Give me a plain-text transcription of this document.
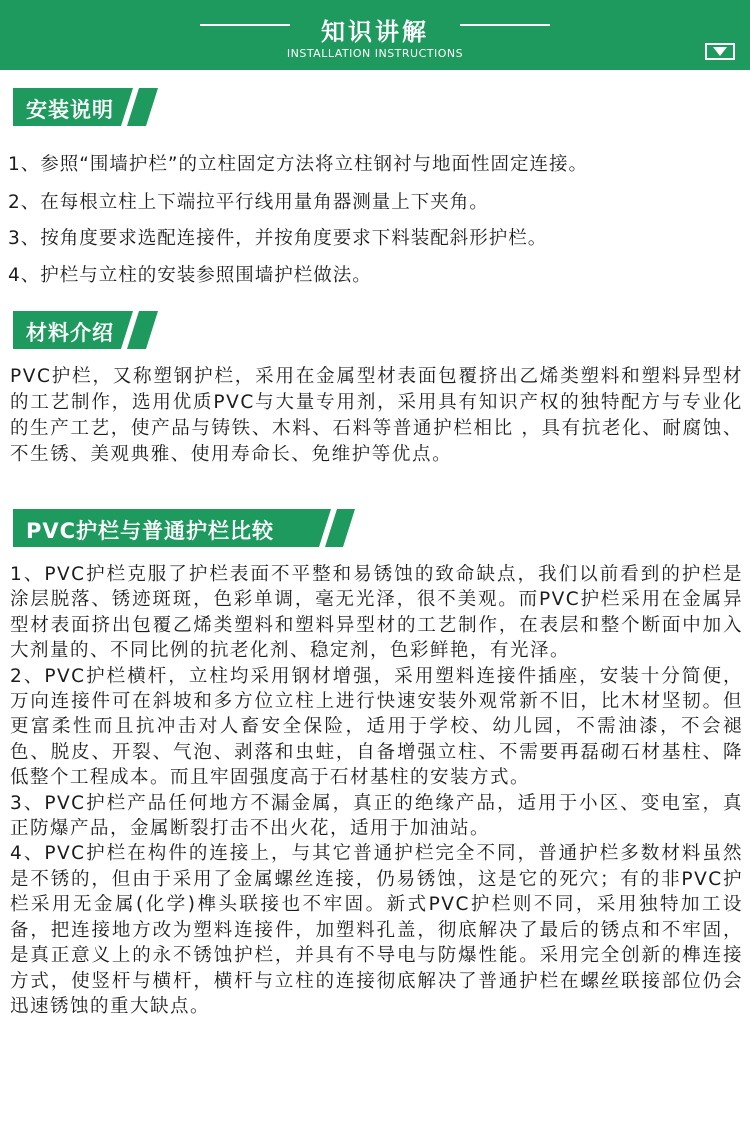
知识讲解
INSTALLATION INSTRUCTIONS
安装说明
1、参照“围墙护栏”的立柱固定方法将立柱钢衬与地面性固定连接。
2、在每根立柱上下端拉平行线用量角器测量上下夹角。
3、按角度要求选配连接件，并按角度要求下料装配斜形护栏。
4、护栏与立柱的安装参照围墙护栏做法。
材料介绍

PVC护栏，又称塑钢护栏，采用在金属型材表面包覆挤出乙烯类塑料和塑料异型材的工艺制作，选用优质PVC与大量专用剂，采用具有知识产权的独特配方与专业化的生产工艺，使产品与铸铁、木料、石料等普通护栏相比 ，具有抗老化、耐腐蚀、不生锈、美观典雅、使用寿命长、免维护等优点。

PVC护栏与普通护栏比较

1、PVC护栏克服了护栏表面不平整和易锈蚀的致命缺点，我们以前看到的护栏是涂层脱落、锈迹斑斑，色彩单调，毫无光泽，很不美观。而PVC护栏采用在金属异型材表面挤出包覆乙烯类塑料和塑料异型材的工艺制作，在表层和整个断面中加入大剂量的、不同比例的抗老化剂、稳定剂，色彩鲜艳，有光泽。
2、PVC护栏横杆，立柱均采用钢材增强，采用塑料连接件插座，安装十分简便，万向连接件可在斜坡和多方位立柱上进行快速安装外观常新不旧，比木材坚韧。但更富柔性而且抗冲击对人畜安全保险，适用于学校、幼儿园，不需油漆，不会褪色、脱皮、开裂、气泡、剥落和虫蛀，自备增强立柱、不需要再磊砌石材基柱、降低整个工程成本。而且牢固强度高于石材基柱的安装方式。
3、PVC护栏产品任何地方不漏金属，真正的绝缘产品，适用于小区、变电室，真正防爆产品，金属断裂打击不出火花，适用于加油站。
4、PVC护栏在构件的连接上，与其它普通护栏完全不同，普通护栏多数材料虽然是不锈的，但由于采用了金属螺丝连接，仍易锈蚀，这是它的死穴；有的非PVC护栏采用无金属(化学)榫头联接也不牢固。新式PVC护栏则不同，采用独特加工设备，把连接地方改为塑料连接件，加塑料孔盖，彻底解决了最后的锈点和不牢固，是真正意义上的永不锈蚀护栏，并具有不导电与防爆性能。采用完全创新的榫连接方式，使竖杆与横杆，横杆与立柱的连接彻底解决了普通护栏在螺丝联接部位仍会迅速锈蚀的重大缺点。
